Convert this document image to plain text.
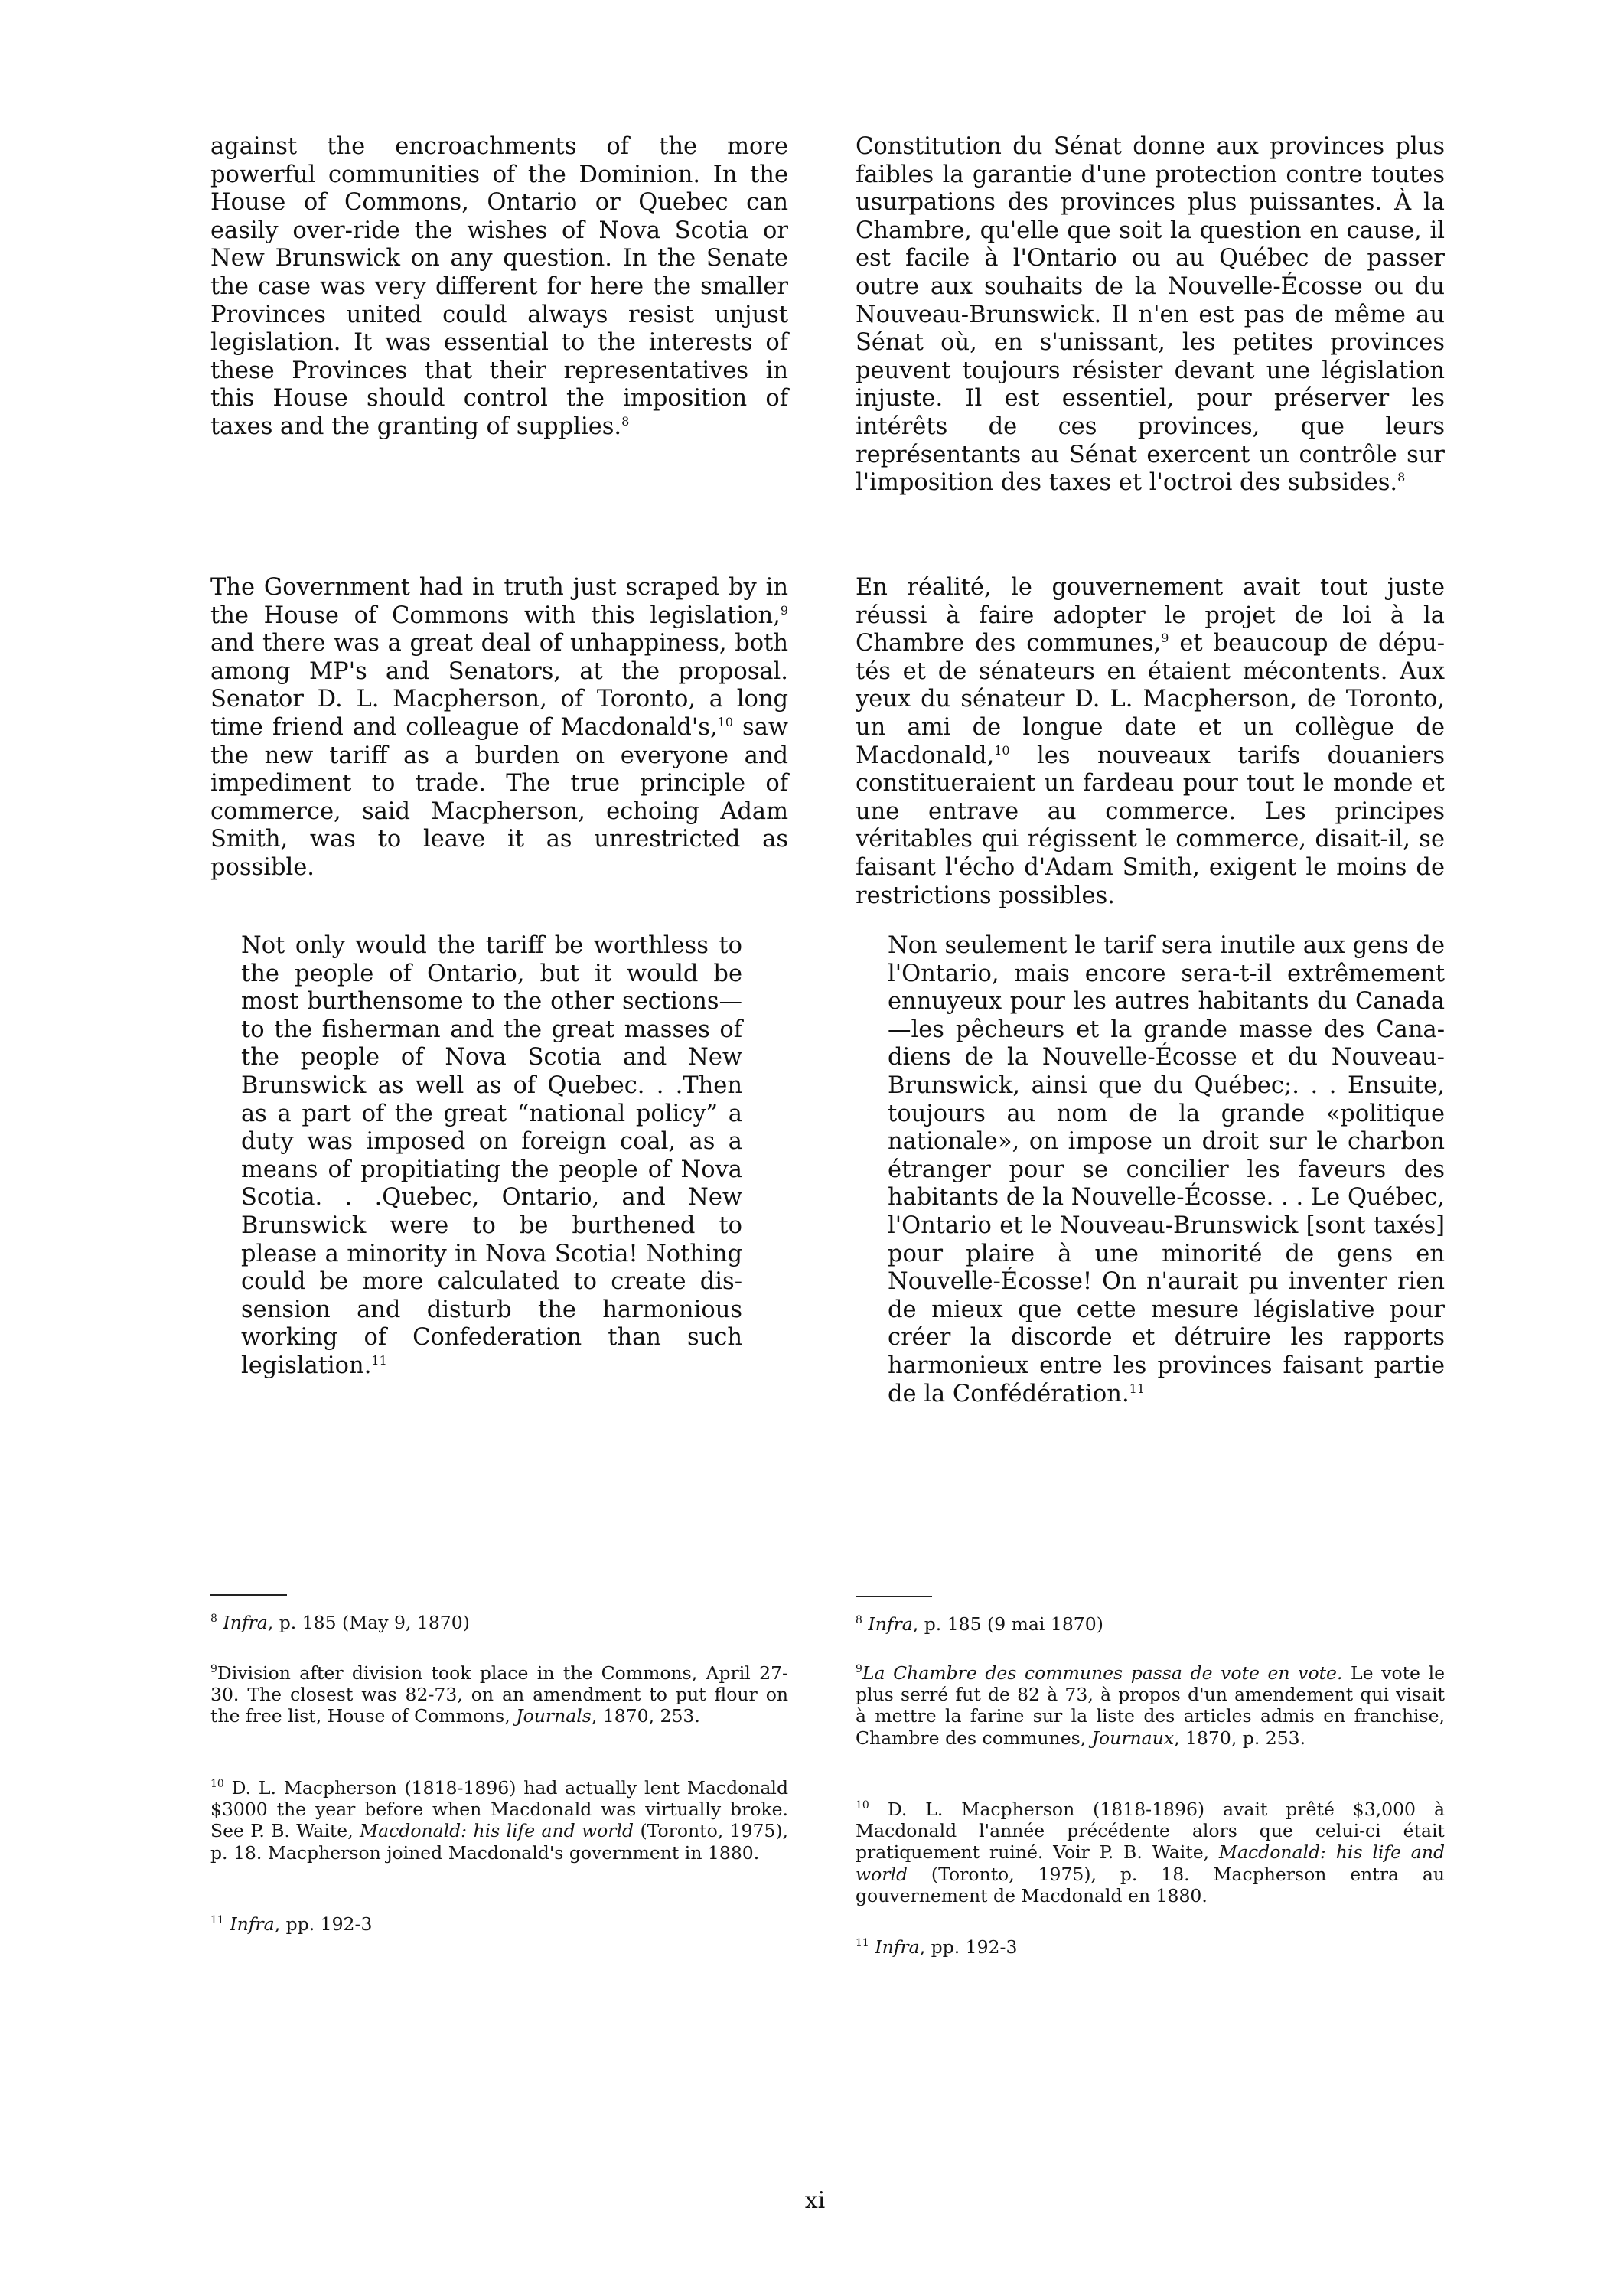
against the encroachments of the more powerful communities of the Dominion. In the House of Commons, Ontario or Quebec can easily over-ride the wishes of Nova Scotia or New Brunswick on any question. In the Senate the case was very different for here the smaller Provinces united could always resist unjust legislation. It was essential to the interests of these Provinces that their representatives in this House should control the imposition of taxes and the granting of supplies.$^8$

The Government had in truth just scraped by in the House of Commons with this legislation,$^9$ and there was a great deal of unhappiness, both among MP's and Senators, at the proposal. Senator D. L. Macpherson, of Toronto, a long time friend and colleague of Macdonald's,$^{10}$ saw the new tariff as a burden on everyone and impediment to trade. The true principle of commerce, said Macpherson, echoing Adam Smith, was to leave it as unrestricted as possible.

Not only would the tariff be worthless to the people of Ontario, but it would be most burthensome to the other sections—to the fisherman and the great masses of the people of Nova Scotia and New Brunswick as well as of Quebec. . .Then as a part of the great “national policy” a duty was imposed on foreign coal, as a means of propitiating the people of Nova Scotia. . .Quebec, Ontario, and New Brunswick were to be burthened to please a minority in Nova Scotia! Nothing could be more calculated to create dissension and disturb the harmonious working of Confederation than such legislation.$^{11}$

$^8$ Infra, p. 185 (May 9, 1870)

$^9$Division after division took place in the Commons, April 27-30. The closest was 82-73, on an amendment to put flour on the free list, House of Commons, Journals, 1870, 253.

$^{10}$ D. L. Macpherson (1818-1896) had actually lent Macdonald $3000 the year before when Macdonald was virtually broke. See P. B. Waite, Macdonald: his life and world (Toronto, 1975), p. 18. Macpherson joined Macdonald's government in 1880.

$^{11}$ Infra, pp. 192-3

Constitution du Sénat donne aux provinces plus faibles la garantie d'une protection contre toutes usurpations des provinces plus puissantes. À la Chambre, qu'elle que soit la question en cause, il est facile à l'Ontario ou au Québec de passer outre aux souhaits de la Nouvelle-Écosse ou du Nouveau-Brunswick. Il n'en est pas de même au Sénat où, en s'unissant, les petites provinces peuvent toujours résister devant une législation injuste. Il est essentiel, pour préserver les intérêts de ces provinces, que leurs représentants au Sénat exercent un contrôle sur l'imposition des taxes et l'octroi des subsides.$^8$

En réalité, le gouvernement avait tout juste réussi à faire adopter le projet de loi à la Chambre des communes,$^9$ et beaucoup de députés et de sénateurs en étaient mécontents. Aux yeux du sénateur D. L. Macpherson, de Toronto, un ami de longue date et un collègue de Macdonald,$^{10}$ les nouveaux tarifs douaniers constitueraient un fardeau pour tout le monde et une entrave au commerce. Les principes véritables qui régissent le commerce, disait-il, se faisant l'écho d'Adam Smith, exigent le moins de restrictions possibles.

Non seulement le tarif sera inutile aux gens de l'Ontario, mais encore sera-t-il extrêmement ennuyeux pour les autres habitants du Canada—les pêcheurs et la grande masse des Canadiens de la Nouvelle-Écosse et du Nouveau-Brunswick, ainsi que du Québec;. . . Ensuite, toujours au nom de la grande «politique nationale», on impose un droit sur le charbon étranger pour se concilier les faveurs des habitants de la Nouvelle-Écosse. . . Le Québec, l'Ontario et le Nouveau-Brunswick [sont taxés] pour plaire à une minorité de gens en Nouvelle-Écosse! On n'aurait pu inventer rien de mieux que cette mesure législative pour créer la discorde et détruire les rapports harmonieux entre les provinces faisant partie de la Confédération.$^{11}$

$^8$ Infra, p. 185 (9 mai 1870)

$^9$La Chambre des communes passa de vote en vote. Le vote le plus serré fut de 82 à 73, à propos d'un amendement qui visait à mettre la farine sur la liste des articles admis en franchise, Chambre des communes, Journaux, 1870, p. 253.

$^{10}$ D. L. Macpherson (1818-1896) avait prêté $3,000 à Macdonald l'année précédente alors que celui-ci était pratiquement ruiné. Voir P. B. Waite, Macdonald: his life and world (Toronto, 1975), p. 18. Macpherson entra au gouvernement de Macdonald en 1880.

$^{11}$ Infra, pp. 192-3

xi
